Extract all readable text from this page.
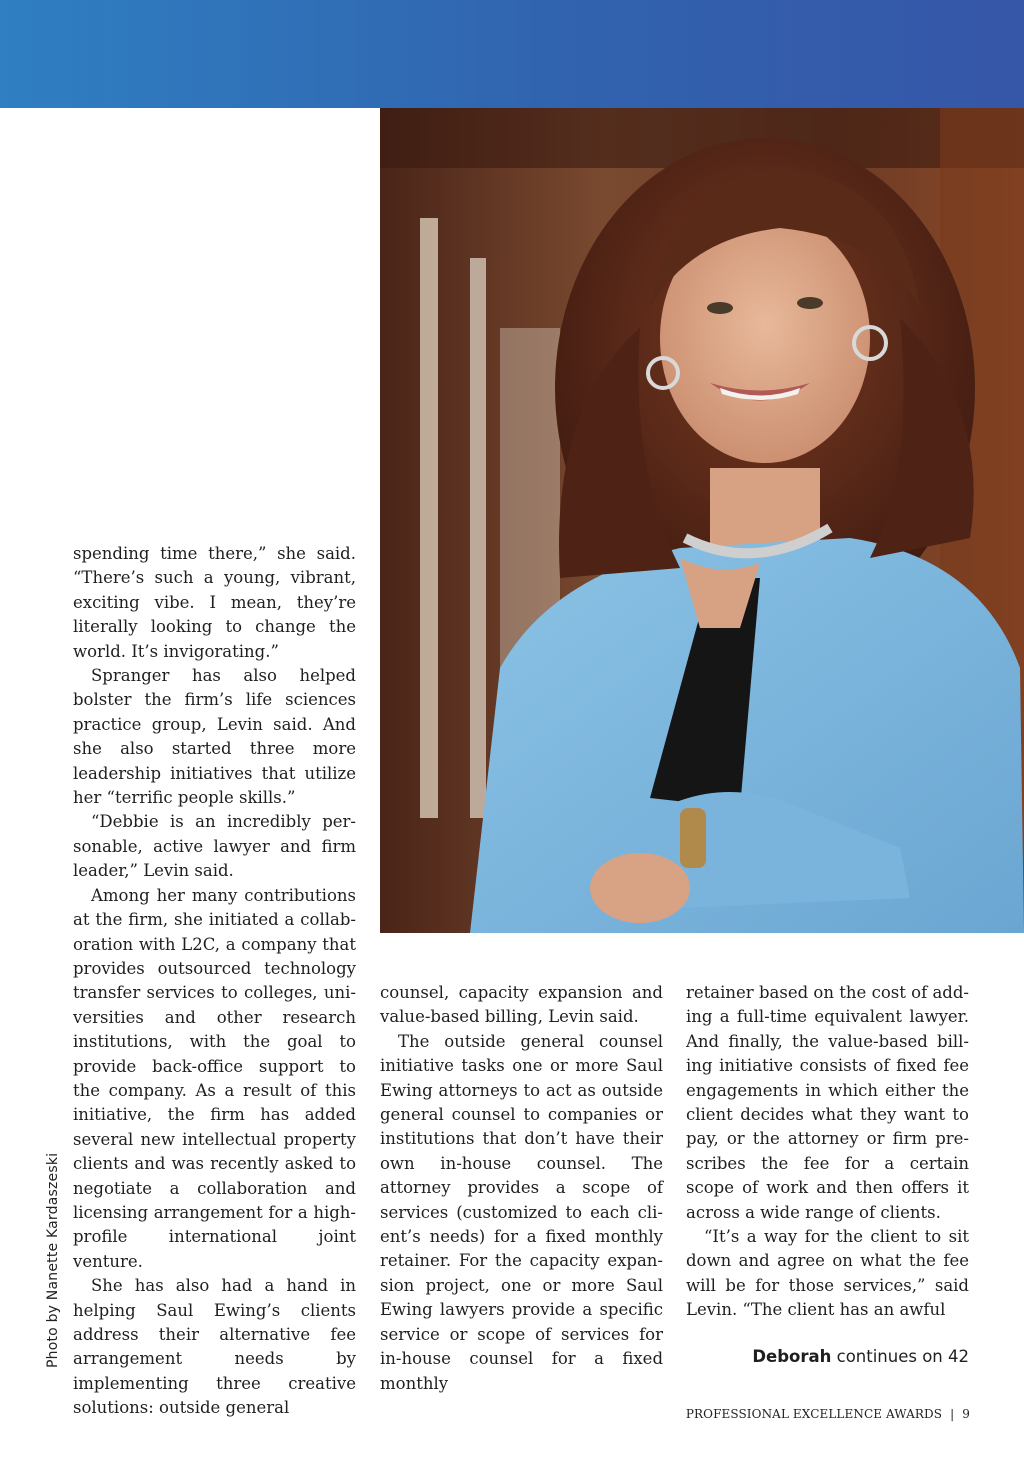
Photo by Nanette Kardaszeski

spending time there,” she said. “There’s such a young, vibrant, exciting vibe. I mean, they’re literally looking to change the world. It’s invigorating.”

Spranger has also helped bolster the firm’s life sciences practice group, Levin said. And she also started three more leadership initiatives that utilize her “terrific people skills.”

“Debbie is an incredibly personable, active lawyer and firm leader,” Levin said.

Among her many contributions at the firm, she initiated a collaboration with L2C, a company that provides outsourced technology transfer services to colleges, universities and other research institutions, with the goal to provide back-office support to the company. As a result of this initiative, the firm has added several new intellectual property clients and was recently asked to negotiate a collaboration and licensing arrangement for a high-profile international joint venture.

She has also had a hand in helping Saul Ewing’s clients address their alternative fee arrangement needs by implementing three creative solutions: outside general

counsel, capacity expansion and value-based billing, Levin said.

The outside general counsel initiative tasks one or more Saul Ewing attorneys to act as outside general counsel to companies or institutions that don’t have their own in-house counsel. The attorney provides a scope of services (customized to each client’s needs) for a fixed monthly retainer. For the capacity expansion project, one or more Saul Ewing lawyers provide a specific service or scope of services for in-house counsel for a fixed monthly

retainer based on the cost of adding a full-time equivalent lawyer. And finally, the value-based billing initiative consists of fixed fee engagements in which either the client decides what they want to pay, or the attorney or firm prescribes the fee for a certain scope of work and then offers it across a wide range of clients.

“It’s a way for the client to sit down and agree on what the fee will be for those services,” said Levin. “The client has an awful

Deborah continues on 42
PROFESSIONAL EXCELLENCE AWARDS | 9
